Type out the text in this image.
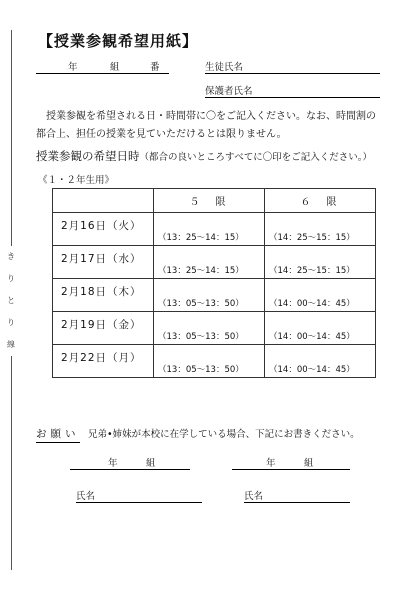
き
り
と
り
線
【授業参観希望用紙】
年	組	番	生徒氏名
保護者氏名
授業参観を希望される日・時間帯に〇をご記入ください。なお、時間割の
都合上、担任の授業を見ていただけるとは限りません。
授業参観の希望日時（都合の良いところすべてに〇印をご記入ください。）
《１・２年生用》
	５　限	６　限

2月16日（火）	（13：25～14：15）	（14：25～15：15）

2月17日（水）	（13：25～14：15）	（14：25～15：15）

2月18日（木）	（13：05～13：50）	（14：00～14：45）

2月19日（金）	（13：05～13：50）	（14：00～14：45）

2月22日（月）	（13：05～13：50）	（14：00～14：45）
お願い 兄弟•姉妹が本校に在学している場合、下記にお書きください。
年	組	年	組
氏名	氏名
